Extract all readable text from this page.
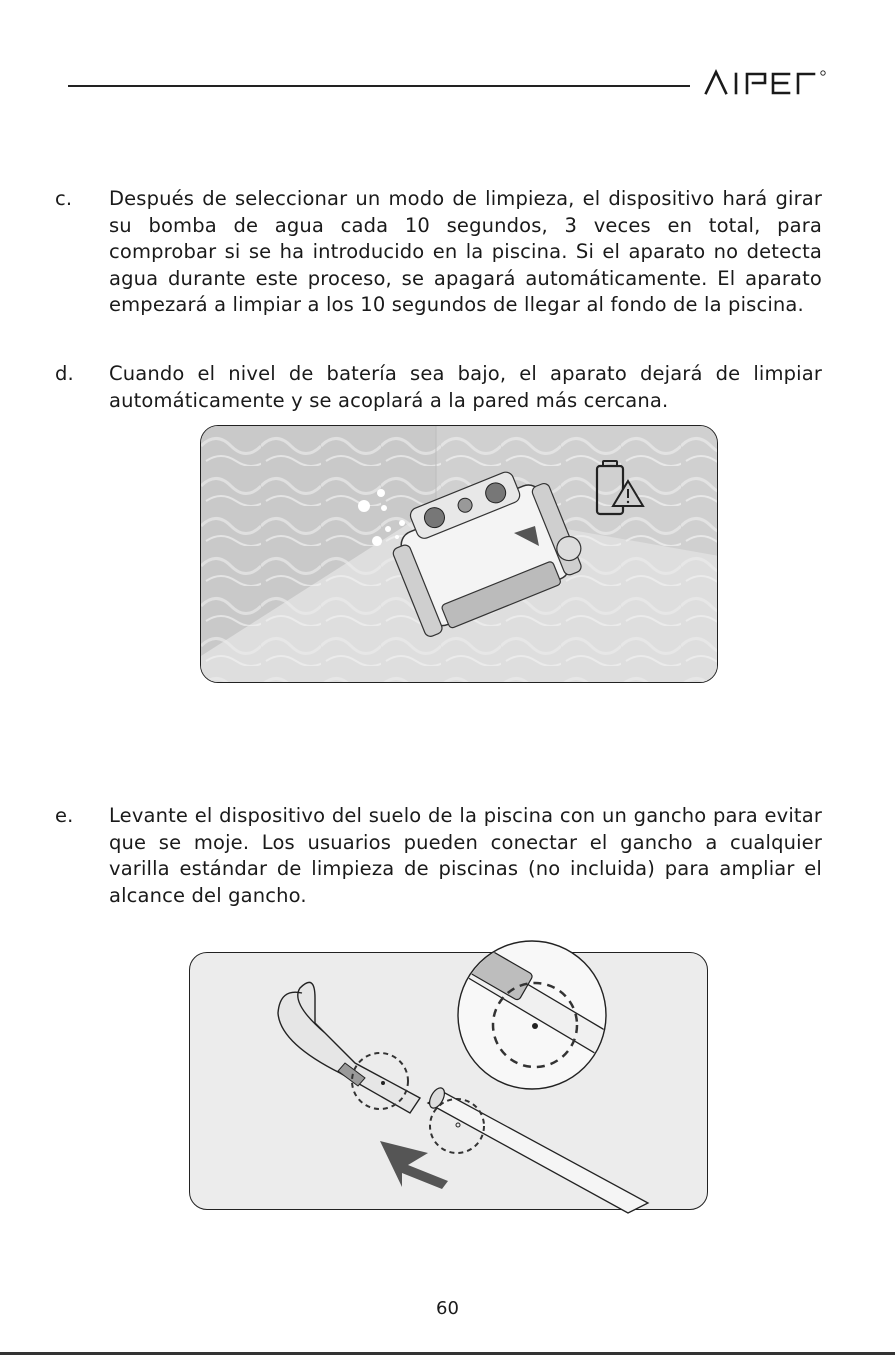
c. Después de seleccionar un modo de limpieza, el dispositivo hará girar su bomba de agua cada 10 segundos, 3 veces en total, para comprobar si se ha introducido en la piscina. Si el aparato no detecta agua durante este proceso, se apagará automáticamente. El aparato empezará a limpiar a los 10 segundos de llegar al fondo de la piscina.
d. Cuando el nivel de batería sea bajo, el aparato dejará de limpiar automáticamente y se acoplará a la pared más cercana.
e. Levante el dispositivo del suelo de la piscina con un gancho para evitar que se moje. Los usuarios pueden conectar el gancho a cualquier varilla estándar de limpieza de piscinas (no incluida) para ampliar el alcance del gancho.
60
